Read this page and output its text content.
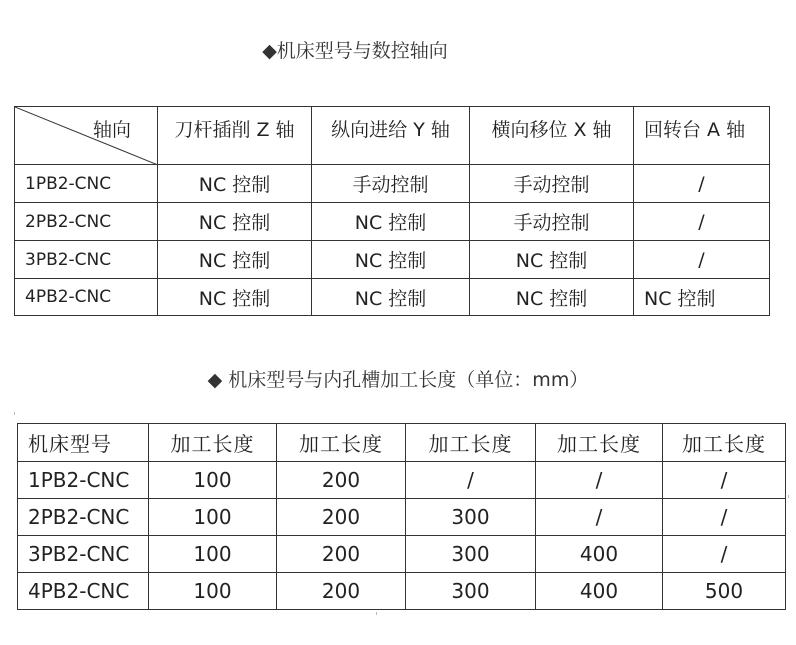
◆机床型号与数控轴向
轴向	刀杆插削 Z 轴	纵向进给 Y 轴	横向移位 X 轴	回转台 A 轴
1PB2-CNC	NC 控制	手动控制	手动控制	/
2PB2-CNC	NC 控制	NC 控制	手动控制	/
3PB2-CNC	NC 控制	NC 控制	NC 控制	/
4PB2-CNC	NC 控制	NC 控制	NC 控制	NC 控制
◆ 机床型号与内孔槽加工长度（单位：mm）
机床型号	加工长度	加工长度	加工长度	加工长度	加工长度
1PB2-CNC	100	200	/	/	/
2PB2-CNC	100	200	300	/	/
3PB2-CNC	100	200	300	400	/
4PB2-CNC	100	200	300	400	500
